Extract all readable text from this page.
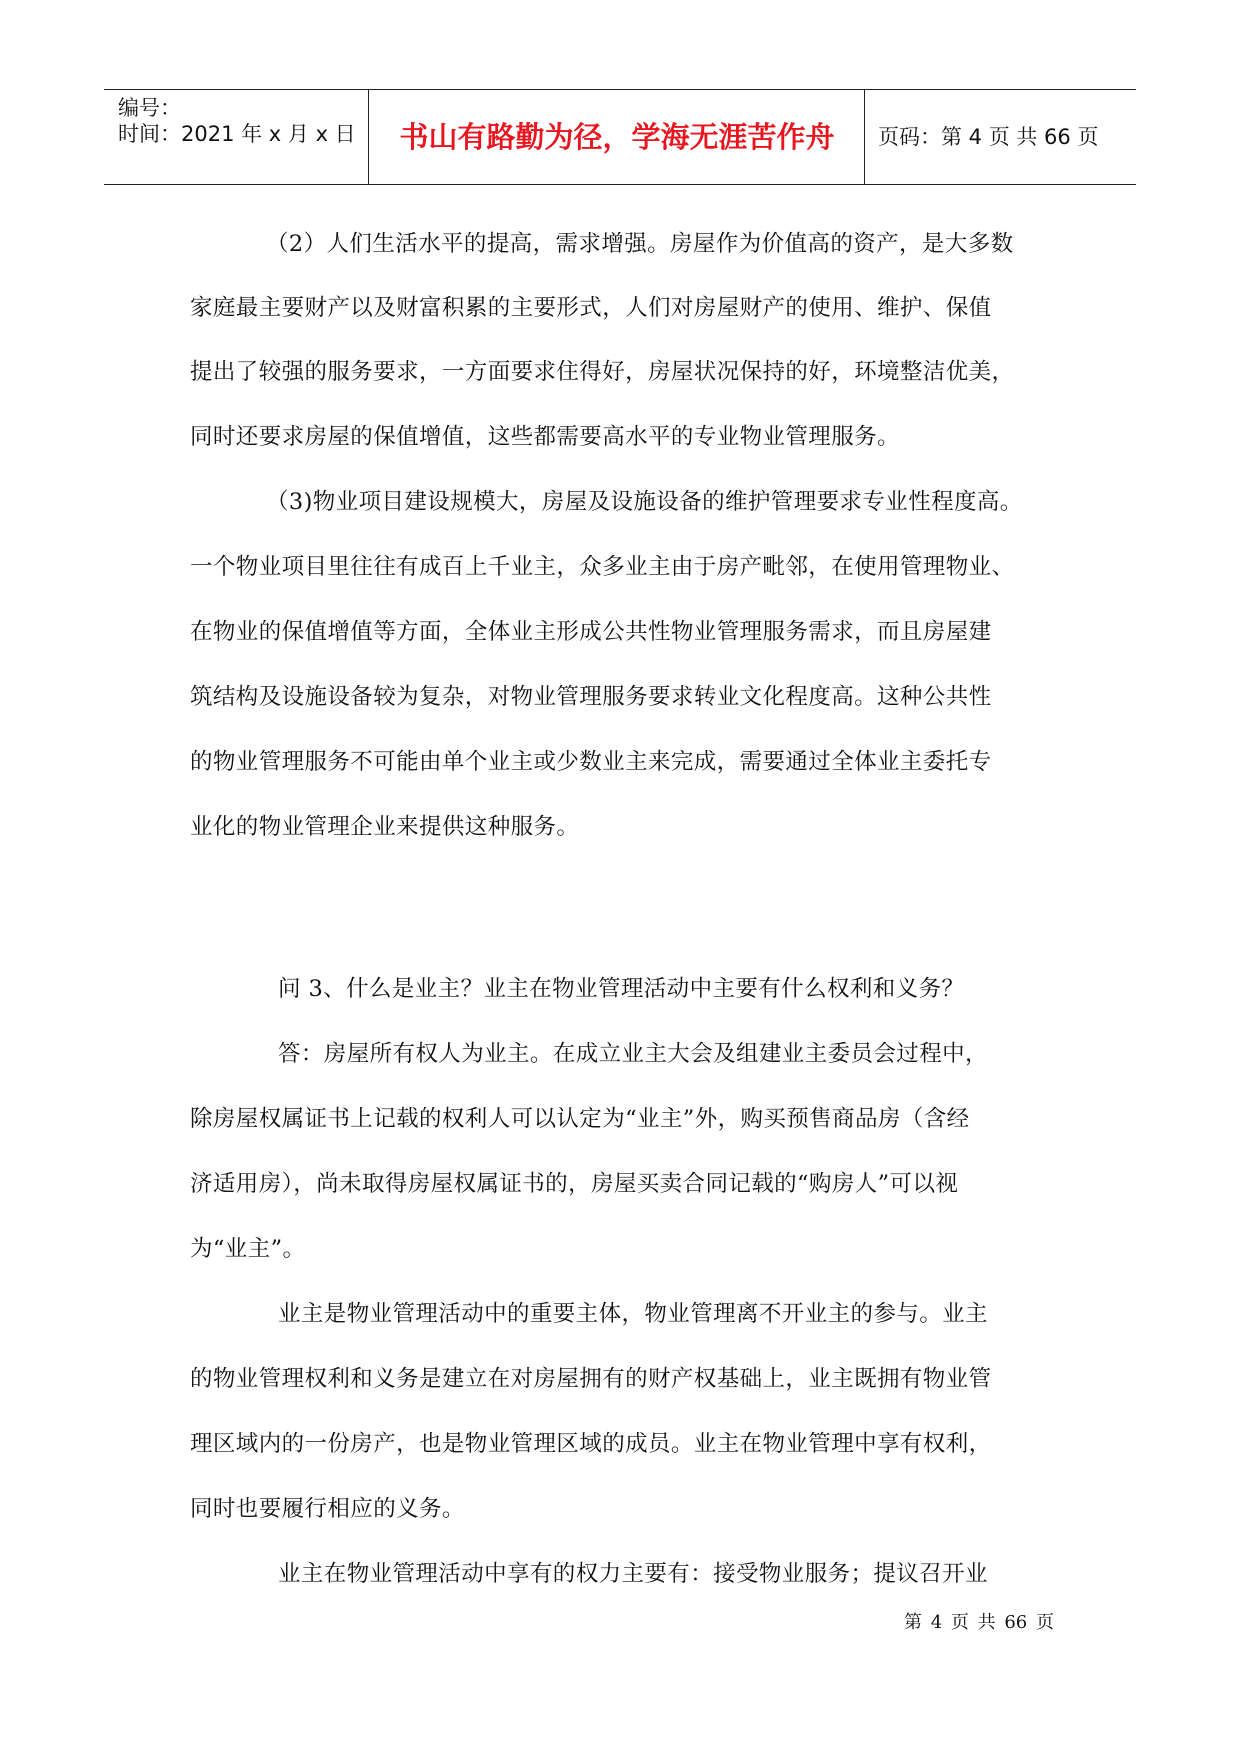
编号：
时间：2021 年 x 月 x 日	书山有路勤为径，学海无涯苦作舟	页码：第 4 页 共 66 页
（2）人们生活水平的提高，需求增强。房屋作为价值高的资产，是大多数
家庭最主要财产以及财富积累的主要形式，人们对房屋财产的使用、维护、保值
提出了较强的服务要求，一方面要求住得好，房屋状况保持的好，环境整洁优美，
同时还要求房屋的保值增值，这些都需要高水平的专业物业管理服务。
（3)物业项目建设规模大，房屋及设施设备的维护管理要求专业性程度高。
一个物业项目里往往有成百上千业主，众多业主由于房产毗邻，在使用管理物业、
在物业的保值增值等方面，全体业主形成公共性物业管理服务需求，而且房屋建
筑结构及设施设备较为复杂，对物业管理服务要求转业文化程度高。这种公共性
的物业管理服务不可能由单个业主或少数业主来完成，需要通过全体业主委托专
业化的物业管理企业来提供这种服务。
问 3、什么是业主？业主在物业管理活动中主要有什么权利和义务？
答：房屋所有权人为业主。在成立业主大会及组建业主委员会过程中，
除房屋权属证书上记载的权利人可以认定为“业主”外，购买预售商品房（含经
济适用房），尚未取得房屋权属证书的，房屋买卖合同记载的“购房人”可以视
为“业主”。
业主是物业管理活动中的重要主体，物业管理离不开业主的参与。业主
的物业管理权利和义务是建立在对房屋拥有的财产权基础上，业主既拥有物业管
理区域内的一份房产，也是物业管理区域的成员。业主在物业管理中享有权利，
同时也要履行相应的义务。
业主在物业管理活动中享有的权力主要有：接受物业服务；提议召开业
第 4 页 共 66 页
